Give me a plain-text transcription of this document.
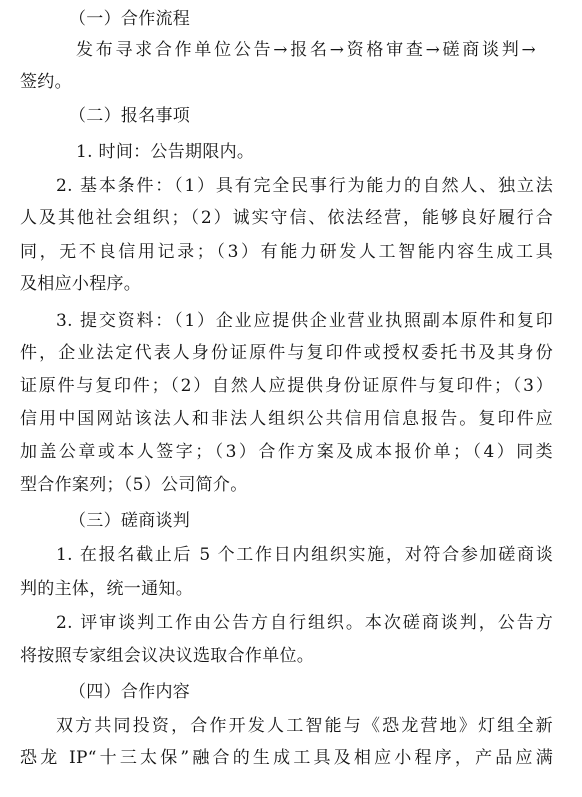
（一）合作流程
发布寻求合作单位公告→报名→资格审查→磋商谈判→
签约。
（二）报名事项
1. 时间：公告期限内。
2. 基本条件：（1）具有完全民事行为能力的自然人、独立法
人及其他社会组织；（2）诚实守信、依法经营，能够良好履行合
同，无不良信用记录；（3）有能力研发人工智能内容生成工具
及相应小程序。
3. 提交资料：（1）企业应提供企业营业执照副本原件和复印
件，企业法定代表人身份证原件与复印件或授权委托书及其身份
证原件与复印件；（2）自然人应提供身份证原件与复印件；（3）
信用中国网站该法人和非法人组织公共信用信息报告。复印件应
加盖公章或本人签字；（3）合作方案及成本报价单；（4）同类
型合作案列；（5）公司简介。
（三）磋商谈判
1. 在报名截止后 5 个工作日内组织实施，对符合参加磋商谈
判的主体，统一通知。
2. 评审谈判工作由公告方自行组织。本次磋商谈判，公告方
将按照专家组会议决议选取合作单位。
（四）合作内容
双方共同投资，合作开发人工智能与《恐龙营地》灯组全新
恐龙 IP“十三太保”融合的生成工具及相应小程序，产品应满
